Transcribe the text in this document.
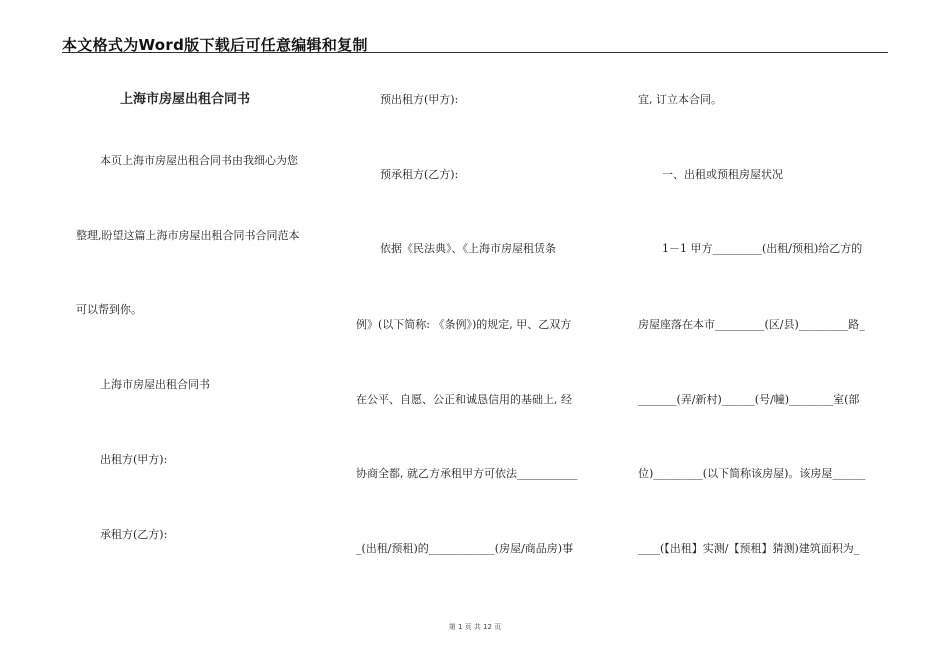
本文格式为Word版下载后可任意编辑和复制
上海市房屋出租合同书
本页上海市房屋出租合同书由我细心为您
整理,盼望这篇上海市房屋出租合同书合同范本
可以帮到你。
上海市房屋出租合同书
出租方(甲方):
承租方(乙方):
预出租方(甲方):
预承租方(乙方):
依据《民法典》、《上海市房屋租赁条
例》(以下简称: 《条例》)的规定, 甲、乙双方
在公平、自愿、公正和诚恳信用的基础上, 经
协商全都, 就乙方承租甲方可依法___________
_(出租/预租)的____________(房屋/商品房)事
宜, 订立本合同。
一、出租或预租房屋状况
1－1 甲方_________(出租/预租)给乙方的
房屋座落在本市_________(区/县)_________路_
_______(弄/新村)______(号/幢)________室(部
位)_________(以下简称该房屋)。该房屋______
____(【出租】实测/【预租】猜测)建筑面积为_
第 1 页 共 12 页
